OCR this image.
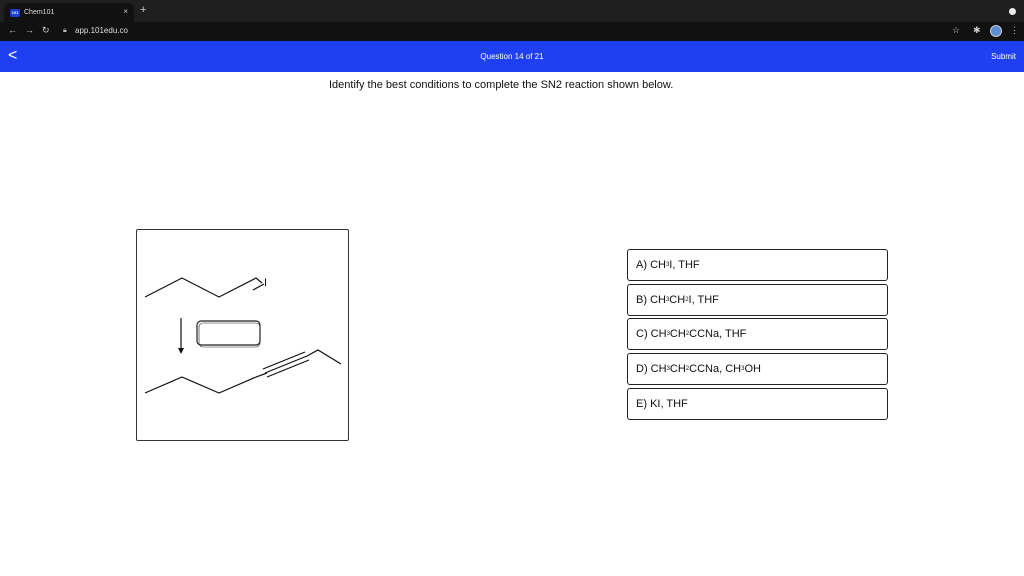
101 Chem101	× +
← → ↻ 🔒︎ app.101edu.co	☆ ✱	⋮
<	Question 14 of 21	Submit
Identify the best conditions to complete the SN2 reaction shown below.
I
A)
CH 3 I, THF
B)
CH 3 CH 2 I, THF
C)
CH 3 CH 2 CCNa, THF
D)
CH 3 CH 2 CCNa, CH 3 OH
E)
KI, THF
